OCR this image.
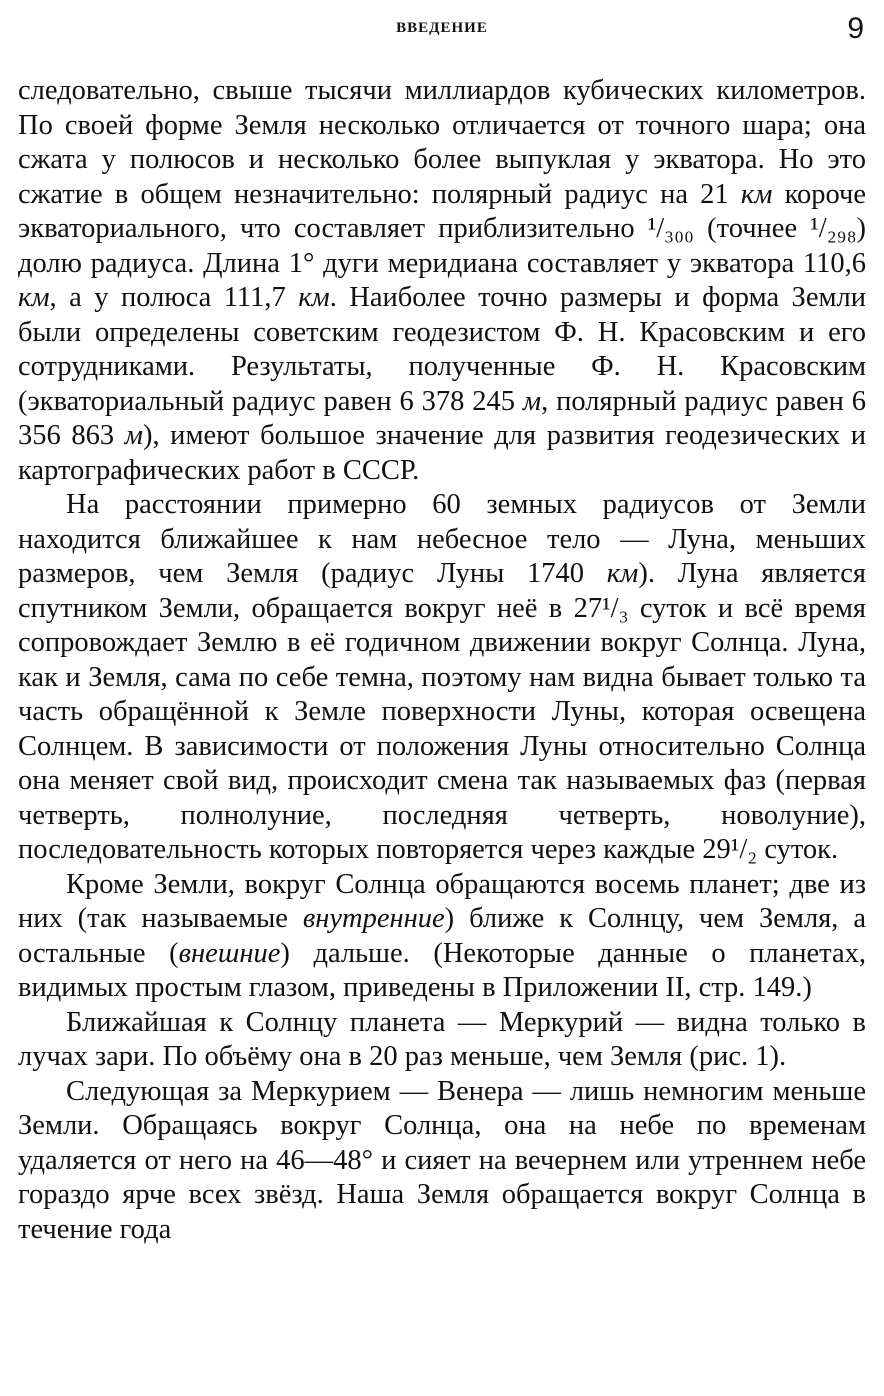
ВВЕДЕНИЕ	9

следовательно, свыше тысячи миллиардов кубических километров. По своей форме Земля несколько отличается от точного шара; она сжата у полюсов и несколько более выпуклая у экватора. Но это сжатие в общем незначительно: полярный радиус на 21 км короче экваториального, что составляет приблизительно ¹/₃₀₀ (точнее ¹/₂₉₈) долю радиуса. Длина 1° дуги меридиана составляет у экватора 110,6 км, а у полюса 111,7 км. Наиболее точно размеры и форма Земли были определены советским геодезистом Ф. Н. Красовским и его сотрудниками. Результаты, полученные Ф. Н. Красовским (экваториальный радиус равен 6 378 245 м, полярный радиус равен 6 356 863 м), имеют большое значение для развития геодезических и картографических работ в СССР.

На расстоянии примерно 60 земных радиусов от Земли находится ближайшее к нам небесное тело — Луна, меньших размеров, чем Земля (радиус Луны 1740 км). Луна является спутником Земли, обращается вокруг неё в 27¹/₃ суток и всё время сопровождает Землю в её годичном движении вокруг Солнца. Луна, как и Земля, сама по себе темна, поэтому нам видна бывает только та часть обращённой к Земле поверхности Луны, которая освещена Солнцем. В зависимости от положения Луны относительно Солнца она меняет свой вид, происходит смена так называемых фаз (первая четверть, полнолуние, последняя четверть, новолуние), последовательность которых повторяется через каждые 29¹/₂ суток.

Кроме Земли, вокруг Солнца обращаются восемь планет; две из них (так называемые внутренние) ближе к Солнцу, чем Земля, а остальные (внешние) дальше. (Некоторые данные о планетах, видимых простым глазом, приведены в Приложении II, стр. 149.)

Ближайшая к Солнцу планета — Меркурий — видна только в лучах зари. По объёму она в 20 раз меньше, чем Земля (рис. 1).

Следующая за Меркурием — Венера — лишь немногим меньше Земли. Обращаясь вокруг Солнца, она на небе по временам удаляется от него на 46—48° и сияет на вечернем или утреннем небе гораздо ярче всех звёзд. Наша Земля обращается вокруг Солнца в течение года
